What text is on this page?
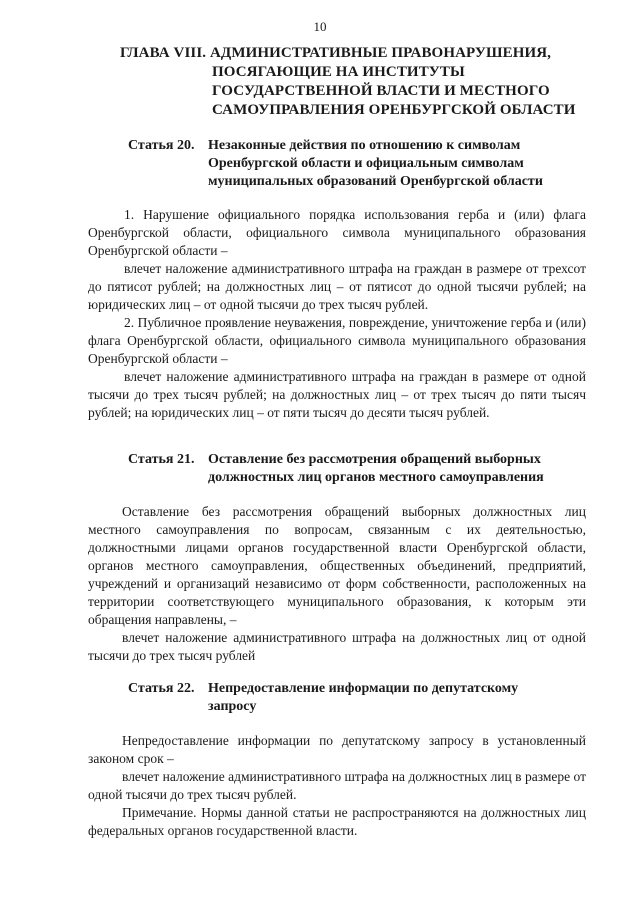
10
ГЛАВА VIII. АДМИНИСТРАТИВНЫЕ ПРАВОНАРУШЕНИЯ,
ПОСЯГАЮЩИЕ НА ИНСТИТУТЫ
ГОСУДАРСТВЕННОЙ ВЛАСТИ И МЕСТНОГО
САМОУПРАВЛЕНИЯ ОРЕНБУРГСКОЙ ОБЛАСТИ
Статья 20. Незаконные действия по отношению к символам
Оренбургской области и официальным символам
муниципальных образований Оренбургской области

1. Нарушение официального порядка использования герба и (или) флага Оренбургской области, официального символа муниципального образования Оренбургской области –

влечет наложение административного штрафа на граждан в размере от трехсот до пятисот рублей; на должностных лиц – от пятисот до одной тысячи рублей; на юридических лиц – от одной тысячи до трех тысяч рублей.

2. Публичное проявление неуважения, повреждение, уничтожение герба и (или) флага Оренбургской области, официального символа муниципального образования Оренбургской области –

влечет наложение административного штрафа на граждан в размере от одной тысячи до трех тысяч рублей; на должностных лиц – от трех тысяч до пяти тысяч рублей; на юридических лиц – от пяти тысяч до десяти тысяч рублей.

Статья 21. Оставление без рассмотрения обращений выборных
должностных лиц органов местного самоуправления

Оставление без рассмотрения обращений выборных должностных лиц местного самоуправления по вопросам, связанным с их деятельностью, должностными лицами органов государственной власти Оренбургской области, органов местного самоуправления, общественных объединений, предприятий, учреждений и организаций независимо от форм собственности, расположенных на территории соответствующего муниципального образования, к которым эти обращения направлены, –

влечет наложение административного штрафа на должностных лиц от одной тысячи до трех тысяч рублей

Статья 22. Непредоставление информации по депутатскому
запросу

Непредоставление информации по депутатскому запросу в установленный законом срок –

влечет наложение административного штрафа на должностных лиц в размере от одной тысячи до трех тысяч рублей.

Примечание. Нормы данной статьи не распространяются на должностных лиц федеральных органов государственной власти.
